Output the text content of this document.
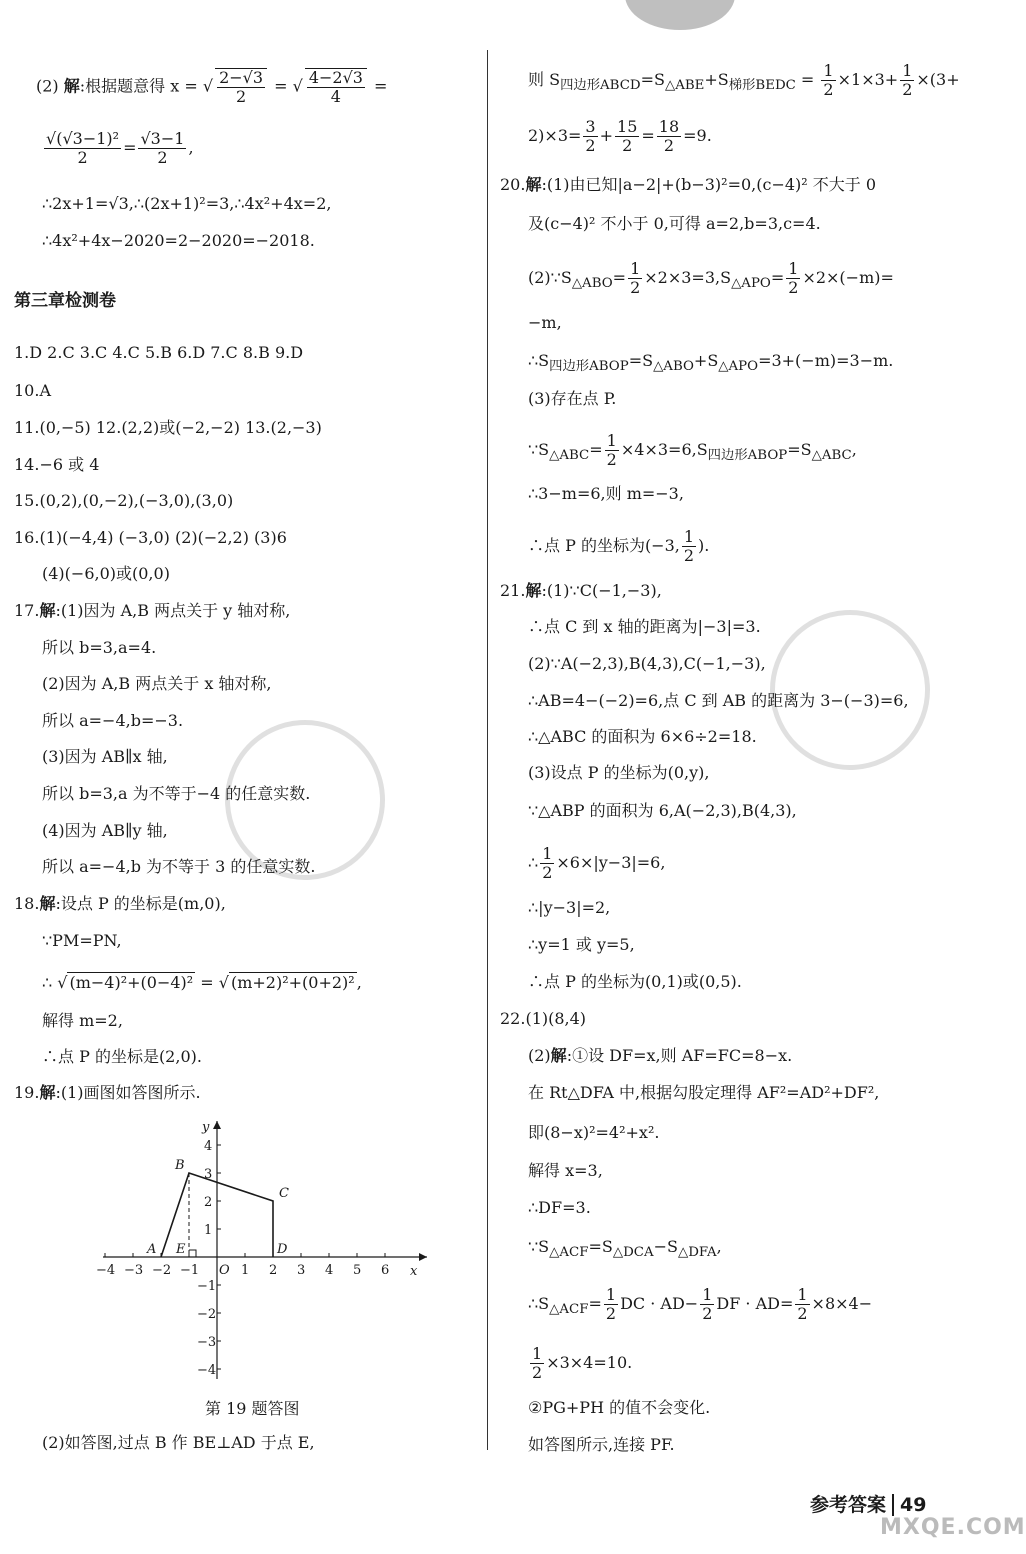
(2) 解:根据题意得 x = √ $\frac{2-√3}{2}$ = √ $\frac{4-2√3}{4}$ =
$\frac{\text{√(√3−1)²}}{2} = \frac{√3-1}{2}$ ,
∴2x+1=√3,∴(2x+1)²=3,∴4x²+4x=2,
∴4x²+4x−2020=2−2020=−2018.
第三章检测卷
1.D 2.C 3.C 4.C 5.B 6.D 7.C 8.B 9.D
10.A
11.(0,−5) 12.(2,2)或(−2,−2) 13.(2,−3)
14.−6 或 4
15.(0,2),(0,−2),(−3,0),(3,0)
16.(1)(−4,4) (−3,0) (2)(−2,2) (3)6
(4)(−6,0)或(0,0)
17.解:(1)因为 A,B 两点关于 y 轴对称,
所以 b=3,a=4.
(2)因为 A,B 两点关于 x 轴对称,
所以 a=−4,b=−3.
(3)因为 AB∥x 轴,
所以 b=3,a 为不等于−4 的任意实数.
(4)因为 AB∥y 轴,
所以 a=−4,b 为不等于 3 的任意实数.
18.解:设点 P 的坐标是(m,0),
∵PM=PN,
∴ √ (m−4)²+(0−4)² = √ (m+2)²+(0+2)² ,
解得 m=2,
∴点 P 的坐标是(2,0).
19.解:(1)画图如答图所示.
x
y
−4 −3 −2 −1 O 1 2 3 4 5 6
1
2
3
4
−1
−2
−3
−4
A
B
C
D
E
第 19 题答图
(2)如答图,过点 B 作 BE⊥AD 于点 E,
则 $S_{四边形ABCD}=S_{\triangle ABE}+S_{梯形BEDC} = \frac{1}{2} \times 1\times 3+ \frac{1}{2} \times(3+$
$2)\times 3= \frac{3}{2} + \frac{15}{2} = \frac{18}{2} =9$.
20.解:(1)由已知|a−2|+(b−3)²=0,(c−4)² 不大于 0
及(c−4)² 不小于 0,可得 a=2,b=3,c=4.
$(2)\because S_{\triangle ABO}= \frac{1}{2} \times 2\times 3=3,S_{\triangle APO}= \frac{1}{2} \times 2\times(-m)=$
−m,
$\therefore S_{四边形ABOP}=S_{\triangle ABO}+S_{\triangle APO}=3+(-m)=3-m$.
(3)存在点 P.
$\because S_{\triangle ABC}= \frac{1}{2} \times 4\times 3=6,S_{四边形ABOP}=S_{\triangle ABC}$,
∴3−m=6,则 m=−3,
∴点 P 的坐标为(−3, $\frac{1}{2}$ ).
21.解:(1)∵C(−1,−3),
∴点 C 到 x 轴的距离为|−3|=3.
(2)∵A(−2,3),B(4,3),C(−1,−3),
∴AB=4−(−2)=6,点 C 到 AB 的距离为 3−(−3)=6,
∴△ABC 的面积为 6×6÷2=18.
(3)设点 P 的坐标为(0,y),
∵△ABP 的面积为 6,A(−2,3),B(4,3),
∴ $\frac{1}{2} \times 6\times|y-3|=6$,
∴|y−3|=2,
∴y=1 或 y=5,
∴点 P 的坐标为(0,1)或(0,5).
22.(1)(8,4)
(2)解:①设 DF=x,则 AF=FC=8−x.
在 Rt△DFA 中,根据勾股定理得 AF²=AD²+DF²,
即(8−x)²=4²+x².
解得 x=3,
∴DF=3.
$\because S_{\triangle ACF}=S_{\triangle DCA}-S_{\triangle DFA}$,
$\therefore S_{\triangle ACF}= \frac{1}{2}$ DC · $AD- \frac{1}{2}$ DF · $AD= \frac{1}{2} \times 8\times 4-$
$\frac{1}{2} \times 3\times 4=10$.
②PG+PH 的值不会变化.
如答图所示,连接 PF.
参考答案 49
MXQE.COM
